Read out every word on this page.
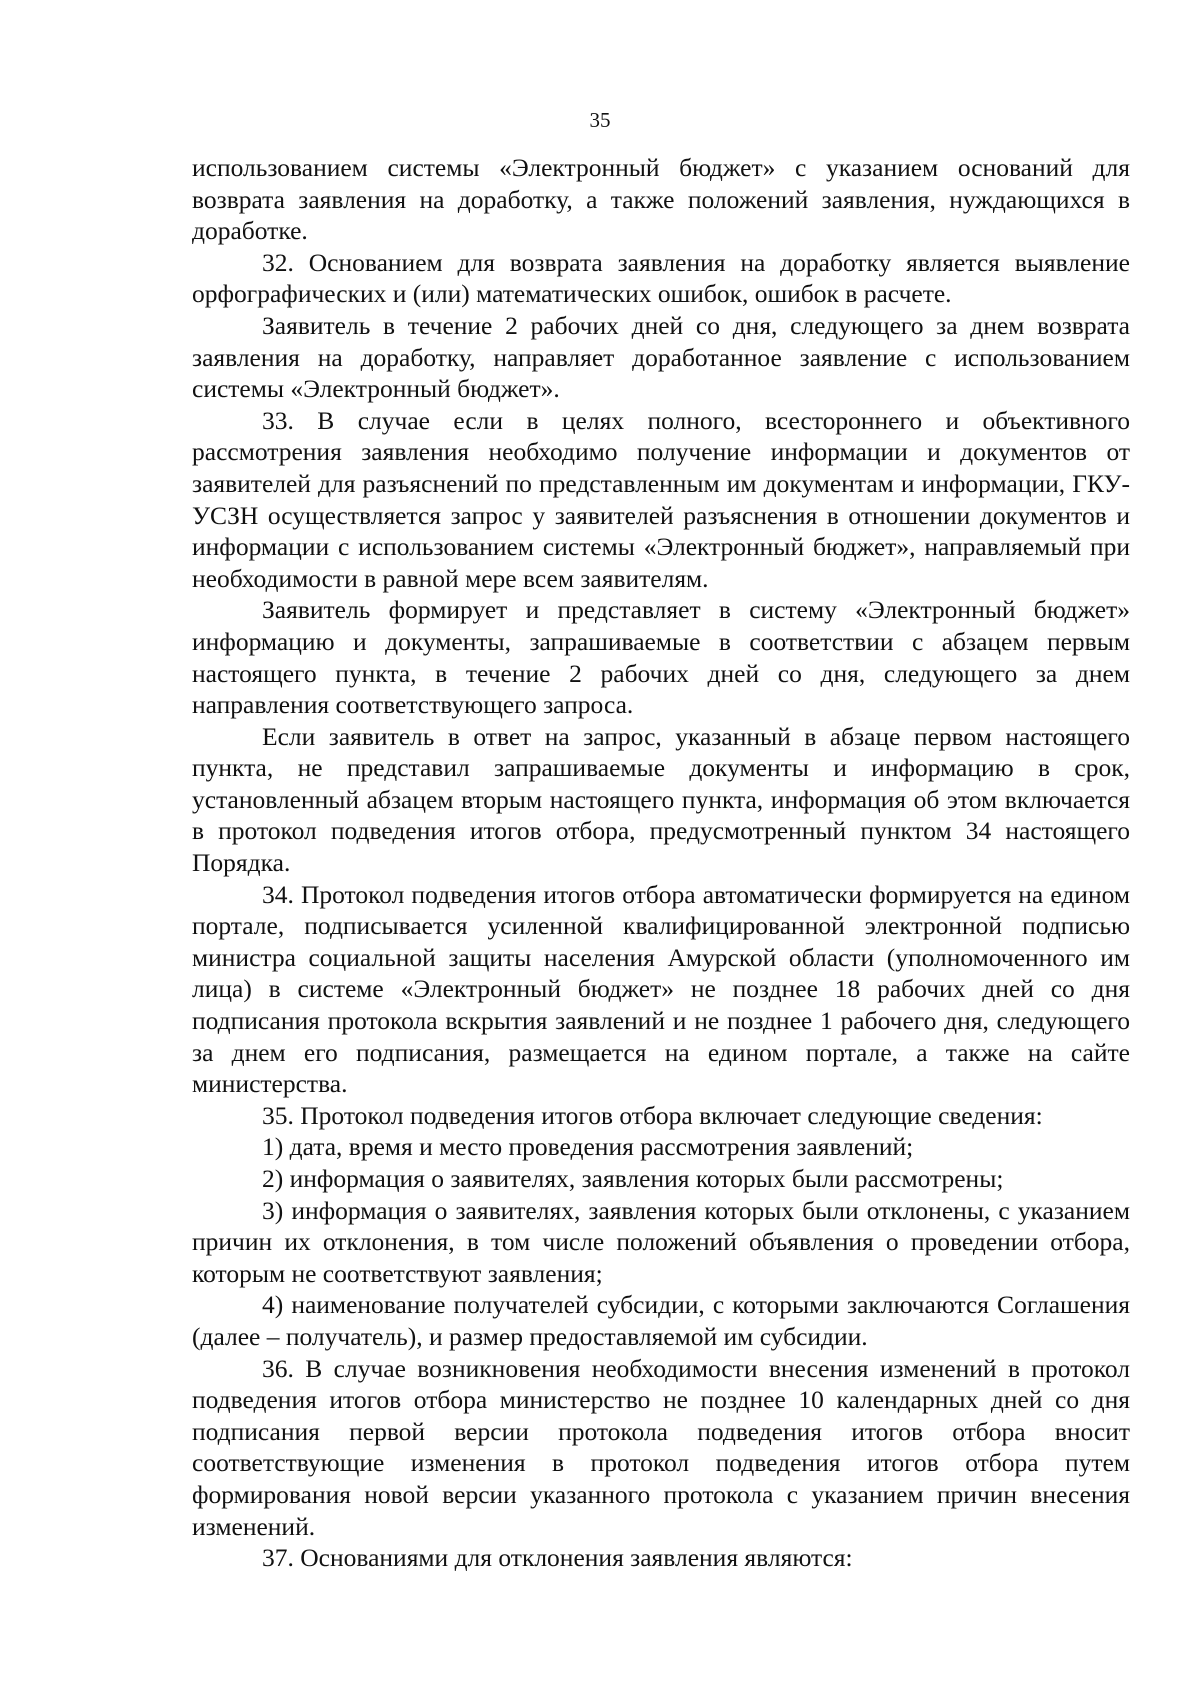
35

использованием системы «Электронный бюджет» с указанием оснований для возврата заявления на доработку, а также положений заявления, нуждающихся в доработке.

32. Основанием для возврата заявления на доработку является выявление орфографических и (или) математических ошибок, ошибок в расчете.

Заявитель в течение 2 рабочих дней со дня, следующего за днем возврата заявления на доработку, направляет доработанное заявление с использованием системы «Электронный бюджет».

33. В случае если в целях полного, всестороннего и объективного рассмотрения заявления необходимо получение информации и документов от заявителей для разъяснений по представленным им документам и информации, ГКУ-УСЗН осуществляется запрос у заявителей разъяснения в отношении документов и информации с использованием системы «Электронный бюджет», направляемый при необходимости в равной мере всем заявителям.

Заявитель формирует и представляет в систему «Электронный бюджет» информацию и документы, запрашиваемые в соответствии с абзацем первым настоящего пункта, в течение 2 рабочих дней со дня, следующего за днем направления соответствующего запроса.

Если заявитель в ответ на запрос, указанный в абзаце первом настоящего пункта, не представил запрашиваемые документы и информацию в срок, установленный абзацем вторым настоящего пункта, информация об этом включается в протокол подведения итогов отбора, предусмотренный пунктом 34 настоящего Порядка.

34. Протокол подведения итогов отбора автоматически формируется на едином портале, подписывается усиленной квалифицированной электронной подписью министра социальной защиты населения Амурской области (уполномоченного им лица) в системе «Электронный бюджет» не позднее 18 рабочих дней со дня подписания протокола вскрытия заявлений и не позднее 1 рабочего дня, следующего за днем его подписания, размещается на едином портале, а также на сайте министерства.

35. Протокол подведения итогов отбора включает следующие сведения:

1) дата, время и место проведения рассмотрения заявлений;

2) информация о заявителях, заявления которых были рассмотрены;

3) информация о заявителях, заявления которых были отклонены, с указанием причин их отклонения, в том числе положений объявления о проведении отбора, которым не соответствуют заявления;

4) наименование получателей субсидии, с которыми заключаются Соглашения (далее – получатель), и размер предоставляемой им субсидии.

36. В случае возникновения необходимости внесения изменений в протокол подведения итогов отбора министерство не позднее 10 календарных дней со дня подписания первой версии протокола подведения итогов отбора вносит соответствующие изменения в протокол подведения итогов отбора путем формирования новой версии указанного протокола с указанием причин внесения изменений.

37. Основаниями для отклонения заявления являются:
